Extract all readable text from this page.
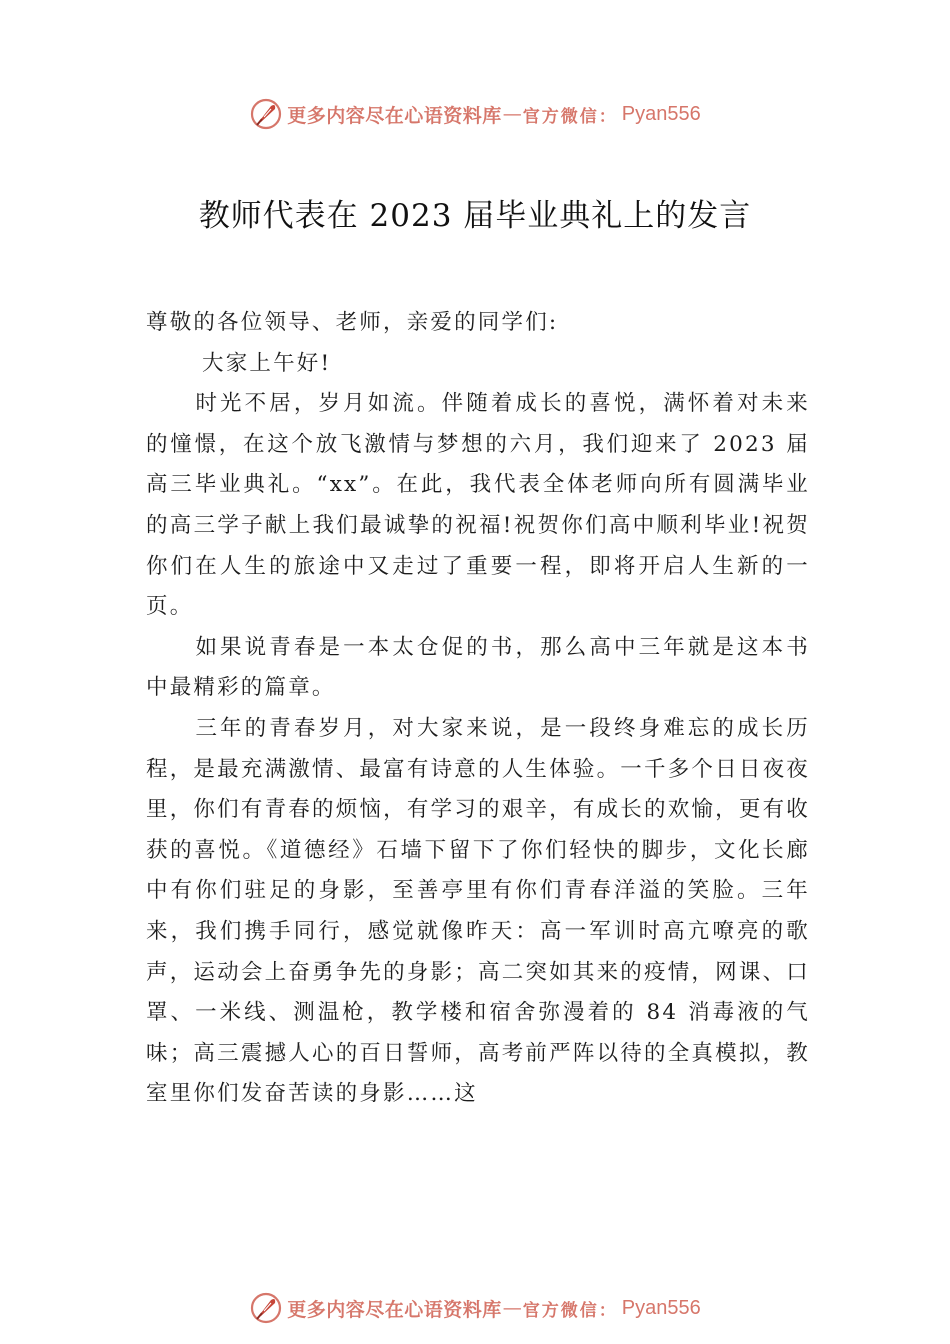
更多内容尽在心语资料库 — 官方微信： Pyan556
教师代表在 2023 届毕业典礼上的发言

尊敬的各位领导、老师，亲爱的同学们:

大家上午好!

时光不居，岁月如流。伴随着成长的喜悦，满怀着对未来的憧憬，在这个放飞激情与梦想的六月，我们迎来了 2023 届高三毕业典礼。“xx”。在此，我代表全体老师向所有圆满毕业的高三学子献上我们最诚挚的祝福!祝贺你们高中顺利毕业!祝贺你们在人生的旅途中又走过了重要一程，即将开启人生新的一页。

如果说青春是一本太仓促的书，那么高中三年就是这本书中最精彩的篇章。

三年的青春岁月，对大家来说，是一段终身难忘的成长历程，是最充满激情、最富有诗意的人生体验。一千多个日日夜夜里，你们有青春的烦恼，有学习的艰辛，有成长的欢愉，更有收获的喜悦。《道德经》石墙下留下了你们轻快的脚步，文化长廊中有你们驻足的身影，至善亭里有你们青春洋溢的笑脸。三年来，我们携手同行，感觉就像昨天：高一军训时高亢嘹亮的歌声，运动会上奋勇争先的身影；高二突如其来的疫情，网课、口罩、一米线、测温枪，教学楼和宿舍弥漫着的 84 消毒液的气味；高三震撼人心的百日誓师，高考前严阵以待的全真模拟，教室里你们发奋苦读的身影……这

更多内容尽在心语资料库 — 官方微信： Pyan556
